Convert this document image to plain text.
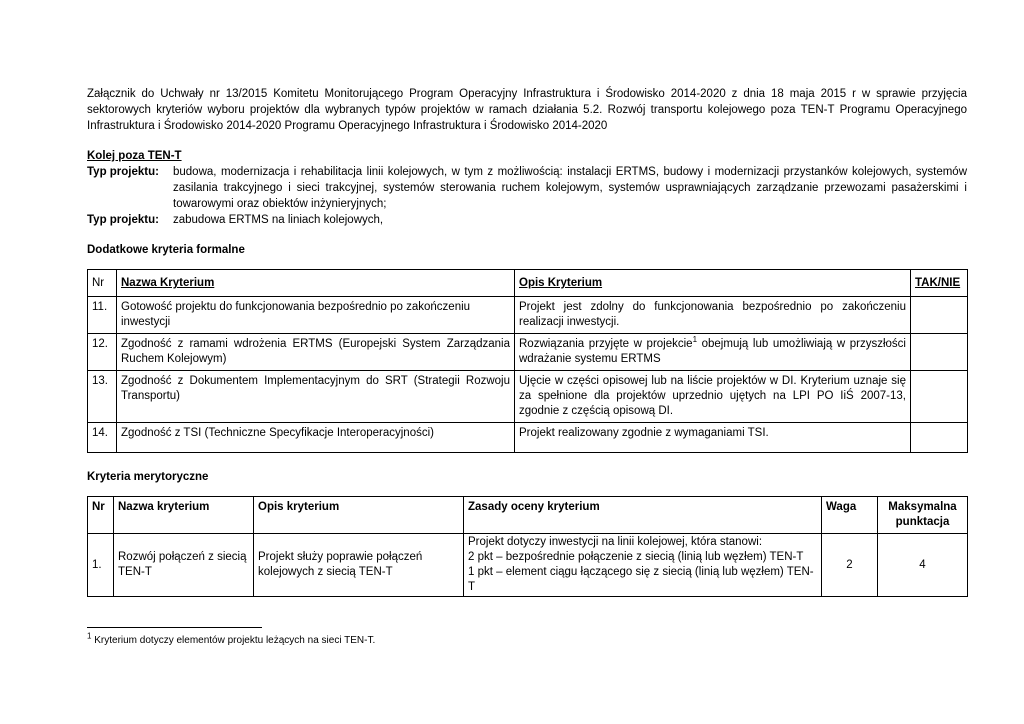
Załącznik do Uchwały nr 13/2015 Komitetu Monitorującego Program Operacyjny Infrastruktura i Środowisko 2014-2020 z dnia 18 maja 2015 r w sprawie przyjęcia sektorowych kryteriów wyboru projektów dla wybranych typów projektów w ramach działania 5.2. Rozwój transportu kolejowego poza TEN-T Programu Operacyjnego Infrastruktura i Środowisko 2014-2020 Programu Operacyjnego Infrastruktura i Środowisko 2014-2020

Kolej poza TEN-T
Typ projektu:	budowa, modernizacja i rehabilitacja linii kolejowych, w tym z możliwością: instalacji ERTMS, budowy i modernizacji przystanków kolejowych, systemów zasilania trakcyjnego i sieci trakcyjnej, systemów sterowania ruchem kolejowym, systemów usprawniających zarządzanie przewozami pasażerskimi i towarowymi oraz obiektów inżynieryjnych;
Typ projektu:	zabudowa ERTMS na liniach kolejowych,
Dodatkowe kryteria formalne
Nr	Nazwa Kryterium	Opis Kryterium	TAK/NIE
11.	Gotowość projektu do funkcjonowania bezpośrednio po zakończeniu inwestycji	Projekt jest zdolny do funkcjonowania bezpośrednio po zakończeniu realizacji inwestycji.	
12.	Zgodność z ramami wdrożenia ERTMS (Europejski System Zarządzania Ruchem Kolejowym)	Rozwiązania przyjęte w projekcie$^1$ obejmują lub umożliwiają w przyszłości wdrażanie systemu ERTMS	
13.	Zgodność z Dokumentem Implementacyjnym do SRT (Strategii Rozwoju Transportu)	Ujęcie w części opisowej lub na liście projektów w DI. Kryterium uznaje się za spełnione dla projektów uprzednio ujętych na LPI PO IiŚ 2007-13, zgodnie z częścią opisową DI.	
14.	Zgodność z TSI (Techniczne Specyfikacje Interoperacyjności)	Projekt realizowany zgodnie z wymaganiami TSI.	
Kryteria merytoryczne
Nr	Nazwa kryterium	Opis kryterium	Zasady oceny kryterium	Waga	Maksymalna punktacja
1.	Rozwój połączeń z siecią TEN-T	Projekt służy poprawie połączeń kolejowych z siecią TEN-T	Projekt dotyczy inwestycji na linii kolejowej, która stanowi:
2 pkt – bezpośrednie połączenie z siecią (linią lub węzłem) TEN-T
1 pkt – element ciągu łączącego się z siecią (linią lub węzłem) TEN-T	2	4
$^1$ Kryterium dotyczy elementów projektu leżących na sieci TEN-T.
